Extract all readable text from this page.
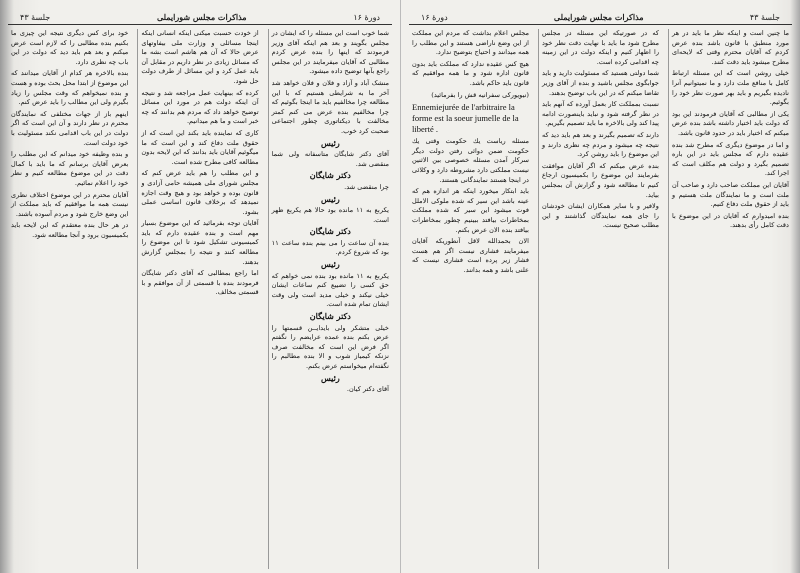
دورهٔ ۱۶
مذاکرات مجلس شورایملی
جلسهٔ ۴۳

شما خوب است این مسئله را که ایشان در مجلس بگویند و بعد هم اینکه آقای وزیر فرمودند که اینها را بنده عرض کردم مطالبی که آقایان میفرمایند در این مجلس راجع بآنها توضیح داده میشود.

منشک آباد و آزاد و فلان و فلان خواهد شد آخر ما به شرایطی هستیم که با این مطالعه چرا مخالفیم باید ما اینجا بگوئیم که چرا مخالفیم بنده عرض می کنم کمتر مخالفت با دیکتاتوری چطور اجتماعی صحبت کرد خوب.

رئیس

آقای دکتر شایگان متاسفانه ولی شما منقضی شد.

دکتر شایگان

چرا منقضی شد.

رئیس

یکربع به ۱۱ مانده بود حالا هم یکربع ظهر است.

دکتر شایگان

بنده آن ساعت را می بینم بنده ساعت ۱۱ بود که شروع کردم.

رئیس

یکربع به ۱۱ مانده بود بنده نمی خواهم که حق کسی را تضییع کنم ساعات ایشان خیلی نیکند و خیلی مدید است ولی وقت ایشان تمام شده است.

دکتر شایگان

خیلی متشکر ولی بایدایــن قسمتها را عرض بکنم بنده عمده عرایضم را نگفتم اگر فرض این است که مخالفت صرف نزنکه کیمیاز شوب و الا بنده مطالبم را نگفته‌ام میخواستم عرض بکنم.

رئیس

آقای دکتر کیان.

از خودت حسبت میکنی اینکه انسانی اینکه اینجا مسائلی و وزارت ملی بیفاوتهای عرض حالا که آن هم هاشم است بشه ما که مسائل زیادی در نظر داریم در مقابل آن باید عمل کرد و این مسائل از طرف دولت حل شود.

کرده که بینهایت عمل مراجعه شد و نتیجه آن اینکه دولت هم در مورد این مسائل توضیح خواهد داد که مردم هم بدانند که چه خبر است و ما هم میدانیم.

کاری که نماینده باید بکند این است که از حقوق ملت دفاع کند و این است که ما میگوئیم آقایان باید بدانند که این لایحه بدون مطالعه کافی مطرح شده است.

و این مطلب را هم باید عرض کنم که مجلس شورای ملی همیشه حامی آزادی و قانون بوده و خواهد بود و هیچ وقت اجازه نمیدهد که برخلاف قانون اساسی عملی بشود.

آقایان توجه بفرمائید که این موضوع بسیار مهم است و بنده عقیده دارم که باید کمیسیونی تشکیل شود تا این موضوع را مطالعه کنند و نتیجه را بمجلس گزارش بدهند.

اما راجع بمطالبی که آقای دکتر شایگان فرمودند بنده با قسمتی از آن موافقم و با قسمتی مخالف.

خود برای کس دیگری نتیجه این چیزی ما بکنیم بنده مطالبی را که لازم است عرض میکنم و بعد هم باید دید که دولت در این باب چه نظری دارد.

بنده بالاخره هر کدام از آقایان میدانند که این موضوع از ابتدا محل بحث بوده و هست و بنده نمیخواهم که وقت مجلس را زیاد بگیرم ولی این مطالب را باید عرض کنم.

اینهم باز از جهات مختلفی که نمایندگان محترم در نظر دارند و آن این است که اگر دولت در این باب اقدامی نکند مسئولیت با خود دولت است.

و بنده وظیفه خود میدانم که این مطلب را بعرض آقایان برسانم که ما باید با کمال دقت در این موضوع مطالعه کنیم و نظر خود را اعلام نمائیم.

آقایان محترم در این موضوع اختلاف نظری نیست همه ما موافقیم که باید مملکت از این وضع خارج شود و مردم آسوده باشند.

در هر حال بنده معتقدم که این لایحه باید بکمیسیون برود و آنجا مطالعه شود.

جلسهٔ ۴۳
مذاکرات مجلس شورایملی
دورهٔ ۱۶

ما چنین است و اینکه نظر ما باید در هر مورد منطبق با قانون باشد بنده عرض کردم که آقایان محترم وقتی که لایحه‌ای مطرح میشود باید دقت کنند.

خیلی روشن است که این مسئله ارتباط کامل با منافع ملت دارد و ما نمیتوانیم آنرا نادیده بگیریم و باید بهر صورت نظر خود را بگوئیم.

یکی از مطالبی که آقایان فرمودند این بود که دولت باید اختیار داشته باشد بنده عرض میکنم که اختیار باید در حدود قانون باشد.

و اما در موضوع دیگری که مطرح شد بنده عقیده دارم که مجلس باید در این باره تصمیم بگیرد و دولت هم مکلف است که اجرا کند.

آقایان این مملکت صاحب دارد و صاحب آن ملت است و ما نمایندگان ملت هستیم و باید از حقوق ملت دفاع کنیم.

بنده امیدوارم که آقایان در این موضوع با دقت کامل رأی بدهند.

که در صورتیکه این مسئله در مجلس مطرح شود ما باید با نهایت دقت نظر خود را اظهار کنیم و اینکه دولت در این زمینه چه اقدامی کرده است.

شما دولتی هستید که مسئولیت دارید و باید جوابگوی مجلس باشید و بنده از آقای وزیر تقاضا میکنم که در این باب توضیح بدهند.

نسبت بمملکت کار بعمل آورده که آنهم باید در نظر گرفته شود و نباید باینصورت ادامه پیدا کند ولی بالاخره ما باید تصمیم بگیریم.

دارند که تصمیم بگیرند و بعد هم باید دید که نتیجه چه میشود و مردم چه نظری دارند و این موضوع را باید روشن کرد.

بنده عرض میکنم که اگر آقایان موافقت بفرمایند این موضوع را بکمیسیون ارجاع کنیم تا مطالعه شود و گزارش آن بمجلس بیاید.

ولافیر و با سایر همکاران ایشان خودشان را جای همه نمایندگان گذاشتند و این مطلب صحیح نیست.

مجلس اعلام بداشت که مردم این مملکت از این وضع ناراضی هستند و این مطلب را همه میدانند و احتیاج بتوضیح ندارد.

هیچ کس عقیده ندارد که مملکت باید بدون قانون اداره شود و ما همه موافقیم که قانون باید حاکم باشد.

(نیویورکی سفرانیه قش را بفرمائید)

Ennemiejurée de l'arbitraire la forme est la soeur jumelle de la liberté .

مسئله رياست يك حكومت وقتی يك حكومت ضمن دوائی رفتن دولت دیگر سرکار آمدن مسئله خصوصی بین الاثنین نیست مملکتی دارد مشروطه دارد و وکلائی در اینجا هستند نمایندگانی هستند.

باید ابتکار میخورد اینکه هر اندازه هم که عینه باشد این سیر که شده ملوکی الاملل فوت میشود این سیر که شده مملکت بمخاطرات بیافتد ببینیم چطور بمخاطرات بیافتد بنده الان عرض بکنم.

الان بحمدالله لاقل آنطوریکه آقایان میفرمایند فشاری نیست اگر هم هست فشار زیر پرده است فشاری نیست که علنی باشد و همه بدانند.
